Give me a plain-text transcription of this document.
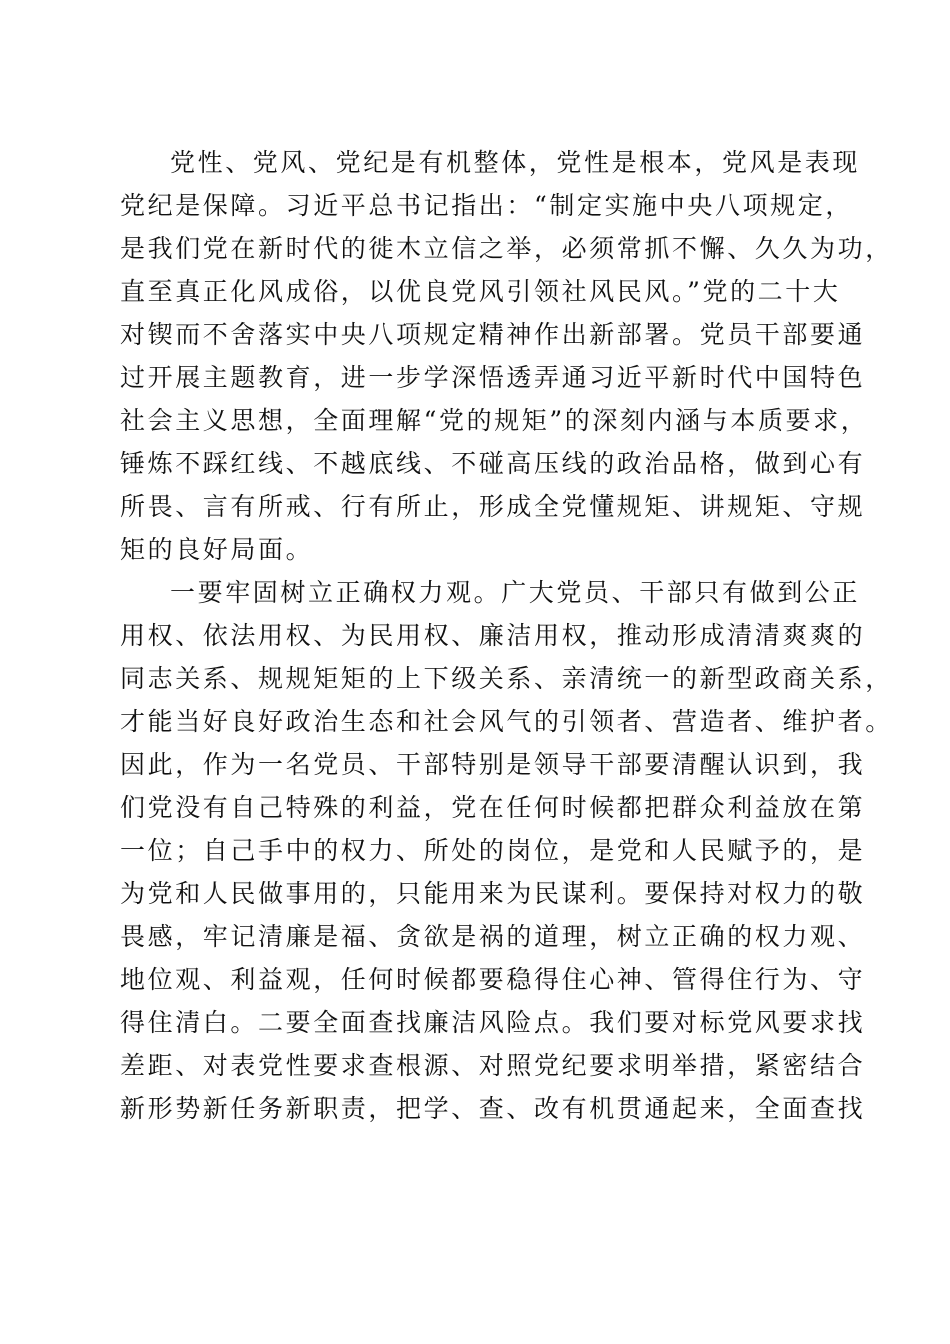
党性、党风、党纪是有机整体，党性是根本，党风是表现
党纪是保障。习近平总书记指出：“制定实施中央八项规定，
是我们党在新时代的徙木立信之举，必须常抓不懈、久久为功，
直至真正化风成俗，以优良党风引领社风民风。”党的二十大
对锲而不舍落实中央八项规定精神作出新部署。党员干部要通
过开展主题教育，进一步学深悟透弄通习近平新时代中国特色
社会主义思想，全面理解“党的规矩”的深刻内涵与本质要求，
锤炼不踩红线、不越底线、不碰高压线的政治品格，做到心有
所畏、言有所戒、行有所止，形成全党懂规矩、讲规矩、守规
矩的良好局面。
一要牢固树立正确权力观。广大党员、干部只有做到公正
用权、依法用权、为民用权、廉洁用权，推动形成清清爽爽的
同志关系、规规矩矩的上下级关系、亲清统一的新型政商关系，
才能当好良好政治生态和社会风气的引领者、营造者、维护者。
因此，作为一名党员、干部特别是领导干部要清醒认识到，我
们党没有自己特殊的利益，党在任何时候都把群众利益放在第
一位；自己手中的权力、所处的岗位，是党和人民赋予的，是
为党和人民做事用的，只能用来为民谋利。要保持对权力的敬
畏感，牢记清廉是福、贪欲是祸的道理，树立正确的权力观、
地位观、利益观，任何时候都要稳得住心神、管得住行为、守
得住清白。二要全面查找廉洁风险点。我们要对标党风要求找
差距、对表党性要求查根源、对照党纪要求明举措，紧密结合
新形势新任务新职责，把学、查、改有机贯通起来，全面查找
